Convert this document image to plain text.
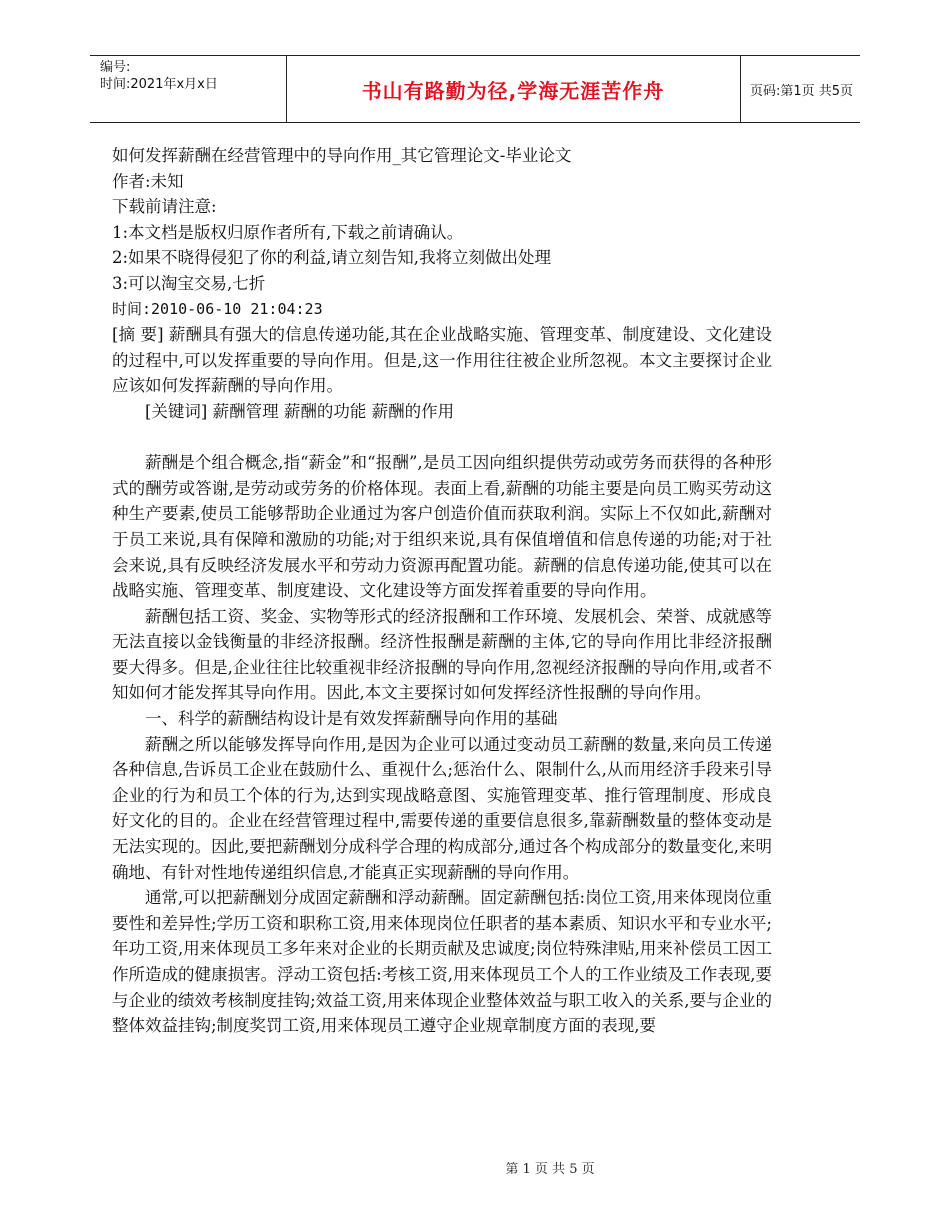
编号:
时间:2021年x月x日	书山有路勤为径,学海无涯苦作舟	页码:第1页 共5页

如何发挥薪酬在经营管理中的导向作用_其它管理论文-毕业论文

作者:未知

下载前请注意:

1:本文档是版权归原作者所有,下载之前请确认。

2:如果不晓得侵犯了你的利益,请立刻告知,我将立刻做出处理

3:可以淘宝交易,七折

时间:2010-06-10 21:04:23

[摘 要] 薪酬具有强大的信息传递功能,其在企业战略实施、管理变革、制度建设、文化建设的过程中,可以发挥重要的导向作用。但是,这一作用往往被企业所忽视。本文主要探讨企业应该如何发挥薪酬的导向作用。

[关键词] 薪酬管理 薪酬的功能 薪酬的作用

薪酬是个组合概念,指“薪金”和“报酬”,是员工因向组织提供劳动或劳务而获得的各种形式的酬劳或答谢,是劳动或劳务的价格体现。表面上看,薪酬的功能主要是向员工购买劳动这种生产要素,使员工能够帮助企业通过为客户创造价值而获取利润。实际上不仅如此,薪酬对于员工来说,具有保障和激励的功能;对于组织来说,具有保值增值和信息传递的功能;对于社会来说,具有反映经济发展水平和劳动力资源再配置功能。薪酬的信息传递功能,使其可以在战略实施、管理变革、制度建设、文化建设等方面发挥着重要的导向作用。

薪酬包括工资、奖金、实物等形式的经济报酬和工作环境、发展机会、荣誉、成就感等无法直接以金钱衡量的非经济报酬。经济性报酬是薪酬的主体,它的导向作用比非经济报酬要大得多。但是,企业往往比较重视非经济报酬的导向作用,忽视经济报酬的导向作用,或者不知如何才能发挥其导向作用。因此,本文主要探讨如何发挥经济性报酬的导向作用。

一、科学的薪酬结构设计是有效发挥薪酬导向作用的基础

薪酬之所以能够发挥导向作用,是因为企业可以通过变动员工薪酬的数量,来向员工传递各种信息,告诉员工企业在鼓励什么、重视什么;惩治什么、限制什么,从而用经济手段来引导企业的行为和员工个体的行为,达到实现战略意图、实施管理变革、推行管理制度、形成良好文化的目的。企业在经营管理过程中,需要传递的重要信息很多,靠薪酬数量的整体变动是无法实现的。因此,要把薪酬划分成科学合理的构成部分,通过各个构成部分的数量变化,来明确地、有针对性地传递组织信息,才能真正实现薪酬的导向作用。

通常,可以把薪酬划分成固定薪酬和浮动薪酬。固定薪酬包括:岗位工资,用来体现岗位重要性和差异性;学历工资和职称工资,用来体现岗位任职者的基本素质、知识水平和专业水平;年功工资,用来体现员工多年来对企业的长期贡献及忠诚度;岗位特殊津贴,用来补偿员工因工作所造成的健康损害。浮动工资包括:考核工资,用来体现员工个人的工作业绩及工作表现,要与企业的绩效考核制度挂钩;效益工资,用来体现企业整体效益与职工收入的关系,要与企业的整体效益挂钩;制度奖罚工资,用来体现员工遵守企业规章制度方面的表现,要

第 1 页 共 5 页
